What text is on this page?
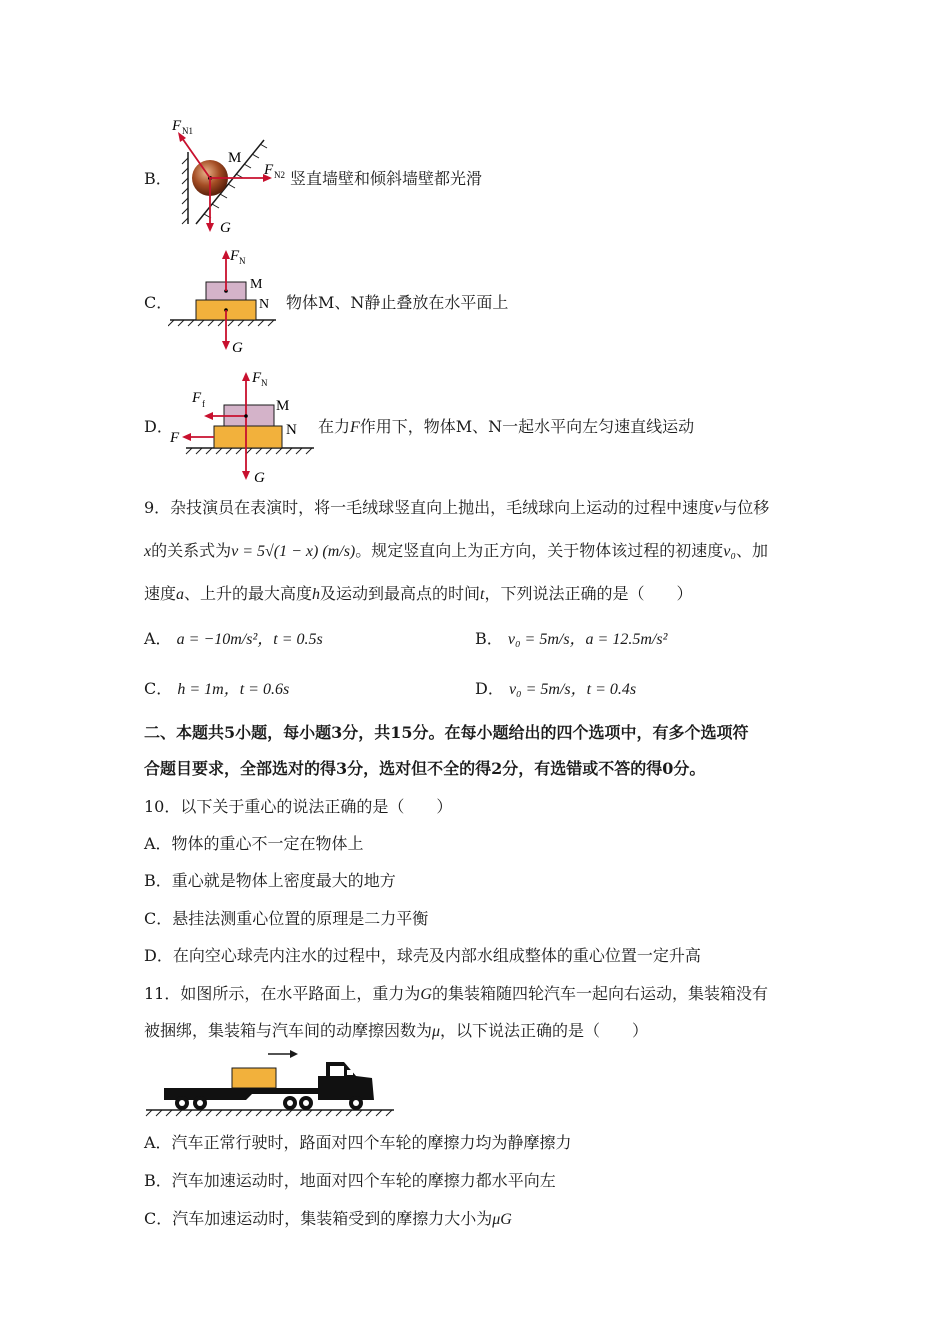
B．
F N1
M
F N2
G
竖直墙壁和倾斜墙壁都光滑
C．
F N
M
N
G
物体M、N静止叠放在水平面上
D．
F N
F f	M
F	N
G
在力F作用下，物体M、N一起水平向左匀速直线运动
9．杂技演员在表演时，将一毛绒球竖直向上抛出，毛绒球向上运动的过程中速度v与位移
x的关系式为v = 5√(1 − x) (m/s)。规定竖直向上为正方向，关于物体该过程的初速度v₀、加
速度a、上升的最大高度h及运动到最高点的时间t，下列说法正确的是（　　）
A． a = −10m/s²，t = 0.5s	B． v₀ = 5m/s，a = 12.5m/s²
C． h = 1m，t = 0.6s	D． v₀ = 5m/s，t = 0.4s
二、本题共5小题，每小题3分，共15分。在每小题给出的四个选项中，有多个选项符
合题目要求，全部选对的得3分，选对但不全的得2分，有选错或不答的得0分。
10．以下关于重心的说法正确的是（　　）
A．物体的重心不一定在物体上
B．重心就是物体上密度最大的地方
C．悬挂法测重心位置的原理是二力平衡
D．在向空心球壳内注水的过程中，球壳及内部水组成整体的重心位置一定升高
11．如图所示，在水平路面上，重力为G的集装箱随四轮汽车一起向右运动，集装箱没有
被捆绑，集装箱与汽车间的动摩擦因数为μ，以下说法正确的是（　　）
A．汽车正常行驶时，路面对四个车轮的摩擦力均为静摩擦力
B．汽车加速运动时，地面对四个车轮的摩擦力都水平向左
C．汽车加速运动时，集装箱受到的摩擦力大小为μG
